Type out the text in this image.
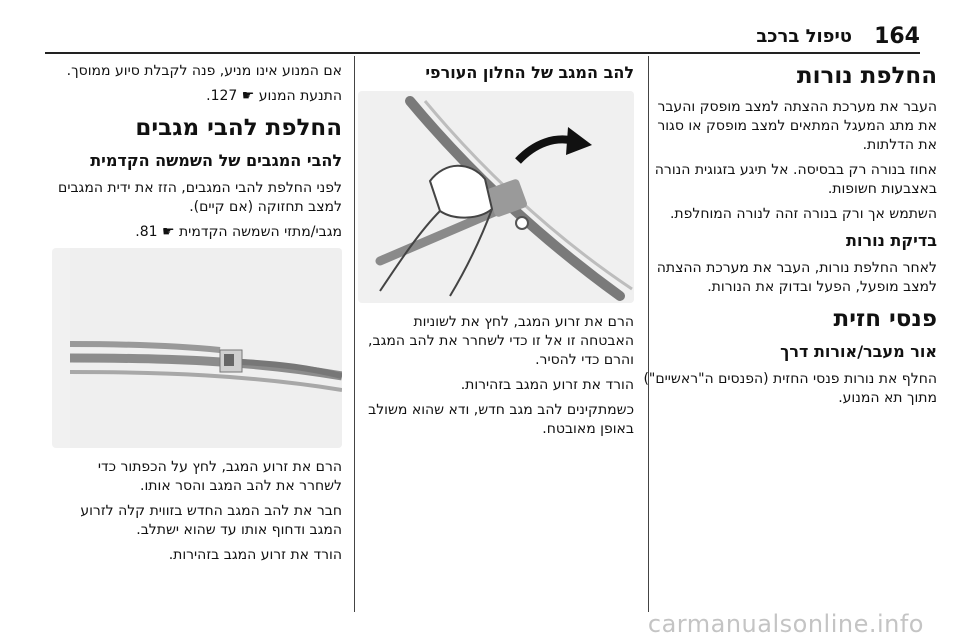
164
טיפול ברכב
החלפת נורות

העבר את מערכת ההצתה למצב מופסק והעבר את מתג המעגל המתאים למצב מופסק או סגור את הדלתות.

אחוז בנורה רק בבסיסה. אל תיגע בזגוגית הנורה באצבעות חשופות.

השתמש אך ורק בנורה זהה לנורה המוחלפת.

בדיקת נורות

לאחר החלפת נורות, העבר את מערכת ההצתה למצב מופעל, הפעל ובדוק את הנורות.

פנסי חזית
אור מעבר/אורות דרך

החלף את נורות פנסי החזית (הפנסים ה"ראשיים") מתוך תא המנוע.

להב המגב של החלון העורפי

הרם את זרוע המגב, לחץ את לשוניות האבטחה זו אל זו כדי לשחרר את להב המגב, והרם כדי להסיר.

הורד את זרוע המגב בזהירות.

כשמתקינים להב מגב חדש, ודא שהוא משולב באופן מאובטח.

אם המנוע אינו מניע, פנה לקבלת סיוע ממוסך.

התנעת המנוע ☛ 127.

החלפת להבי מגבים
להבי המגבים של השמשה הקדמית

לפני החלפת להבי המגבים, הזז את ידית המגבים למצב תחזוקה (אם קיים).

מגבי/מתזי השמשה הקדמית ☛ 81.

הרם את זרוע המגב, לחץ על הכפתור כדי לשחרר את להב המגב והסר אותו.

חבר את להב המגב החדש בזווית קלה לזרוע המגב ודחוף אותו עד שהוא ישתלב.

הורד את זרוע המגב בזהירות.

carmanualsonline.info
